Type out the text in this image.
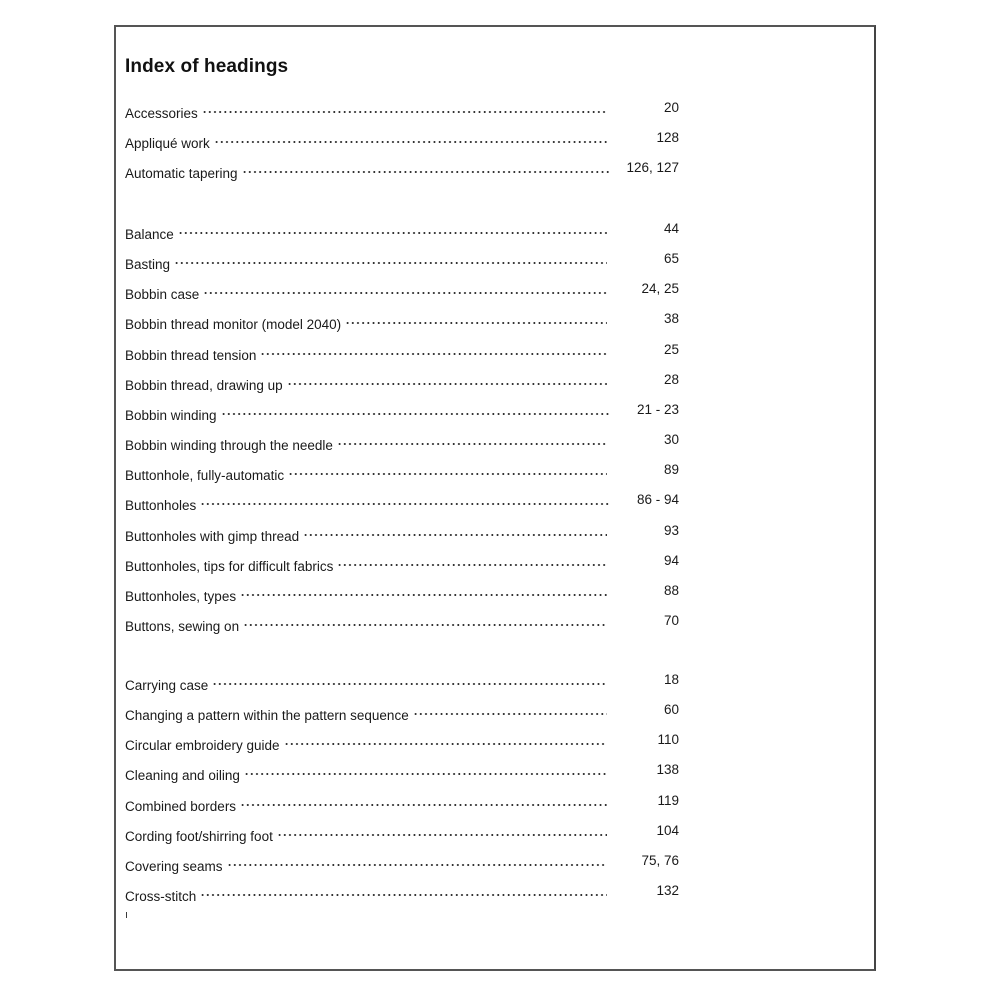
Index of headings
Accessories	20
Appliqué work	128
Automatic tapering	126, 127
Balance	44
Basting	65
Bobbin case	24, 25
Bobbin thread monitor (model 2040)	38
Bobbin thread tension	25
Bobbin thread, drawing up	28
Bobbin winding	21 - 23
Bobbin winding through the needle	30
Buttonhole, fully-automatic	89
Buttonholes	86 - 94
Buttonholes with gimp thread	93
Buttonholes, tips for difficult fabrics	94
Buttonholes, types	88
Buttons, sewing on	70
Carrying case	18
Changing a pattern within the pattern sequence	60
Circular embroidery guide	110
Cleaning and oiling	138
Combined borders	119
Cording foot/shirring foot	104
Covering seams	75, 76
Cross-stitch	132
ı
